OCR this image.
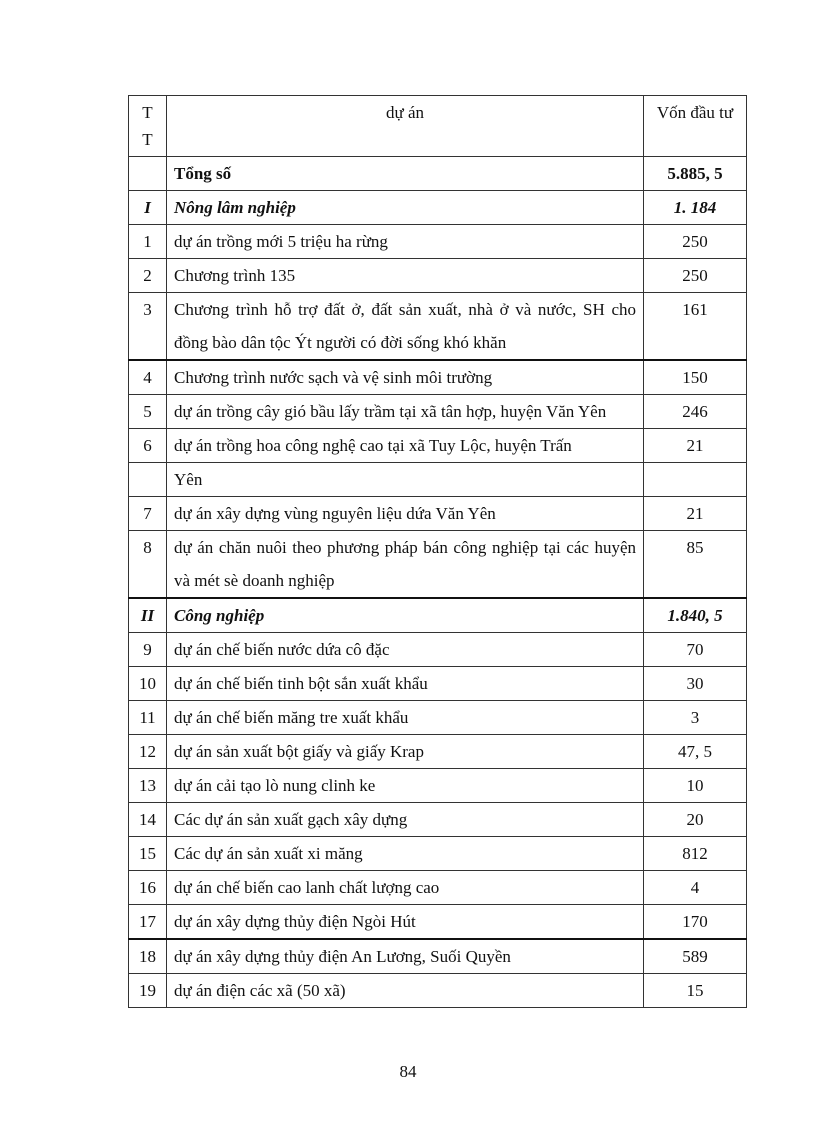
T
T	dự án	Vốn đầu tư
	Tổng số	5.885, 5
I	Nông lâm nghiệp	1. 184
1	dự án trồng mới 5 triệu ha rừng	250
2	Chương trình 135	250
3	Chương trình hỗ trợ đất ở, đất sản xuất, nhà ở và nước, SH cho đồng bào dân tộc Ýt người có đời sống khó khăn	161
4	Chương trình nước sạch và vệ sinh môi trường	150
5	dự án trồng cây gió bầu lấy trầm tại xã tân hợp, huyện Văn Yên	246
6	dự án trồng hoa công nghệ cao tại xã Tuy Lộc, huyện Trấn	21
	Yên	
7	dự án xây dựng vùng nguyên liệu dứa Văn Yên	21
8	dự án chăn nuôi theo phương pháp bán công nghiệp tại các huyện và mét sè doanh nghiệp	85
II	Công nghiệp	1.840, 5
9	dự án chế biến nước dứa cô đặc	70
10	dự án chế biến tinh bột sắn xuất khẩu	30
11	dự án chế biến măng tre xuất khẩu	3
12	dự án sản xuất bột giấy và giấy Krap	47, 5
13	dự án cải tạo lò nung clinh ke	10
14	Các dự án sản xuất gạch xây dựng	20
15	Các dự án sản xuất xi măng	812
16	dự án chế biến cao lanh chất lượng cao	4
17	dự án xây dựng thủy điện Ngòi Hút	170
18	dự án xây dựng thủy điện An Lương, Suối Quyền	589
19	dự án điện các xã (50 xã)	15
84
